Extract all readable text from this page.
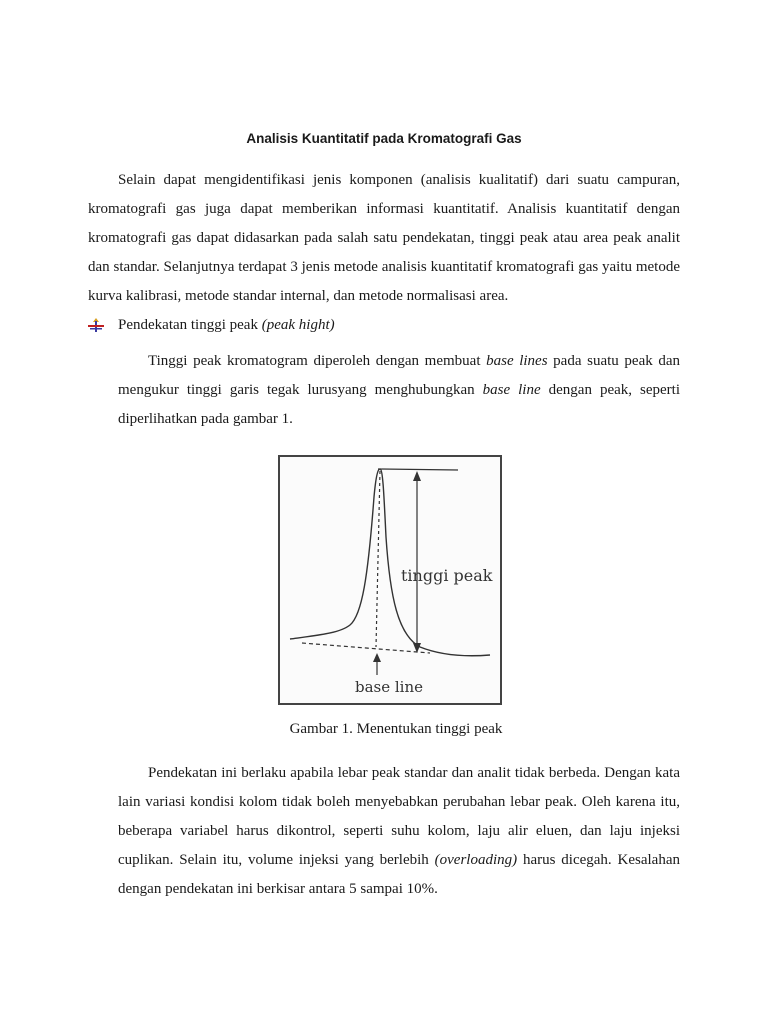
Analisis Kuantitatif pada Kromatografi Gas

Selain dapat mengidentifikasi jenis komponen (analisis kualitatif) dari suatu campuran, kromatografi gas juga dapat memberikan informasi kuantitatif. Analisis kuantitatif dengan kromatografi gas dapat didasarkan pada salah satu pendekatan, tinggi peak atau area peak analit dan standar. Selanjutnya terdapat 3 jenis metode analisis kuantitatif kromatografi gas yaitu metode kurva kalibrasi, metode standar internal, dan metode normalisasi area.

Pendekatan tinggi peak (peak hight)

Tinggi peak kromatogram diperoleh dengan membuat base lines pada suatu peak dan mengukur tinggi garis tegak lurusyang menghubungkan base line dengan peak, seperti diperlihatkan pada gambar 1.

tinggi peak
base line
Gambar 1. Menentukan tinggi peak

Pendekatan ini berlaku apabila lebar peak standar dan analit tidak berbeda. Dengan kata lain variasi kondisi kolom tidak boleh menyebabkan perubahan lebar peak. Oleh karena itu, beberapa variabel harus dikontrol, seperti suhu kolom, laju alir eluen, dan laju injeksi cuplikan. Selain itu, volume injeksi yang berlebih (overloading) harus dicegah. Kesalahan dengan pendekatan ini berkisar antara 5 sampai 10%.
